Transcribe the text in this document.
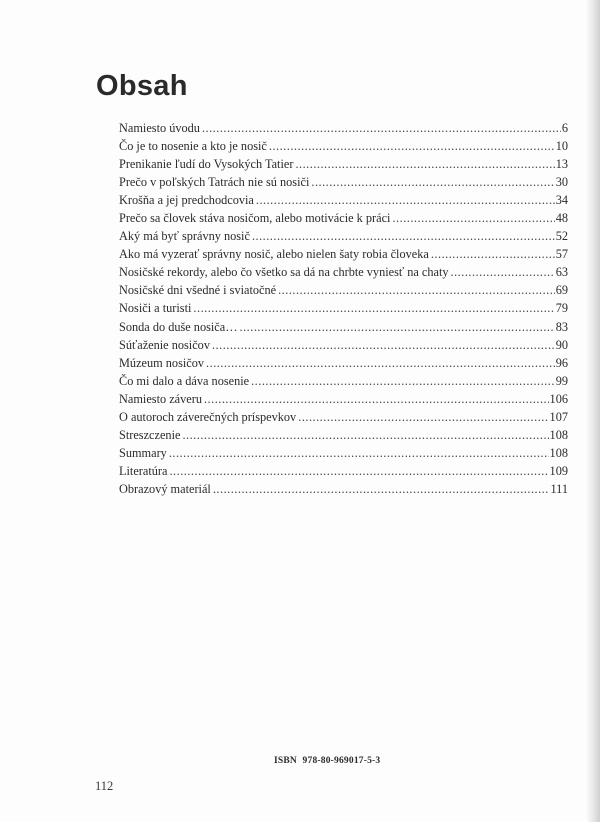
Obsah
Namiesto úvodu .....	6
Čo je to nosenie a kto je nosič .....	10
Prenikanie ľudí do Vysokých Tatier .....	13
Prečo v poľských Tatrách nie sú nosiči .....	30
Krošňa a jej predchodcovia .....	34
Prečo sa človek stáva nosičom, alebo motivácie k práci .....	48
Aký má byť správny nosič .....	52
Ako má vyzerať správny nosič, alebo nielen šaty robia človeka .....	57
Nosičské rekordy, alebo čo všetko sa dá na chrbte vyniesť na chaty .....	63
Nosičské dni všedné i sviatočné .....	69
Nosiči a turisti .....	79
Sonda do duše nosiča… .....	83
Súťaženie nosičov .....	90
Múzeum nosičov .....	96
Čo mi dalo a dáva nosenie .....	99
Namiesto záveru .....	106
O autoroch záverečných príspevkov .....	107
Streszczenie .....	108
Summary .....	108
Literatúra .....	109
Obrazový materiál .....	111
ISBN 978-80-969017-5-3
112
